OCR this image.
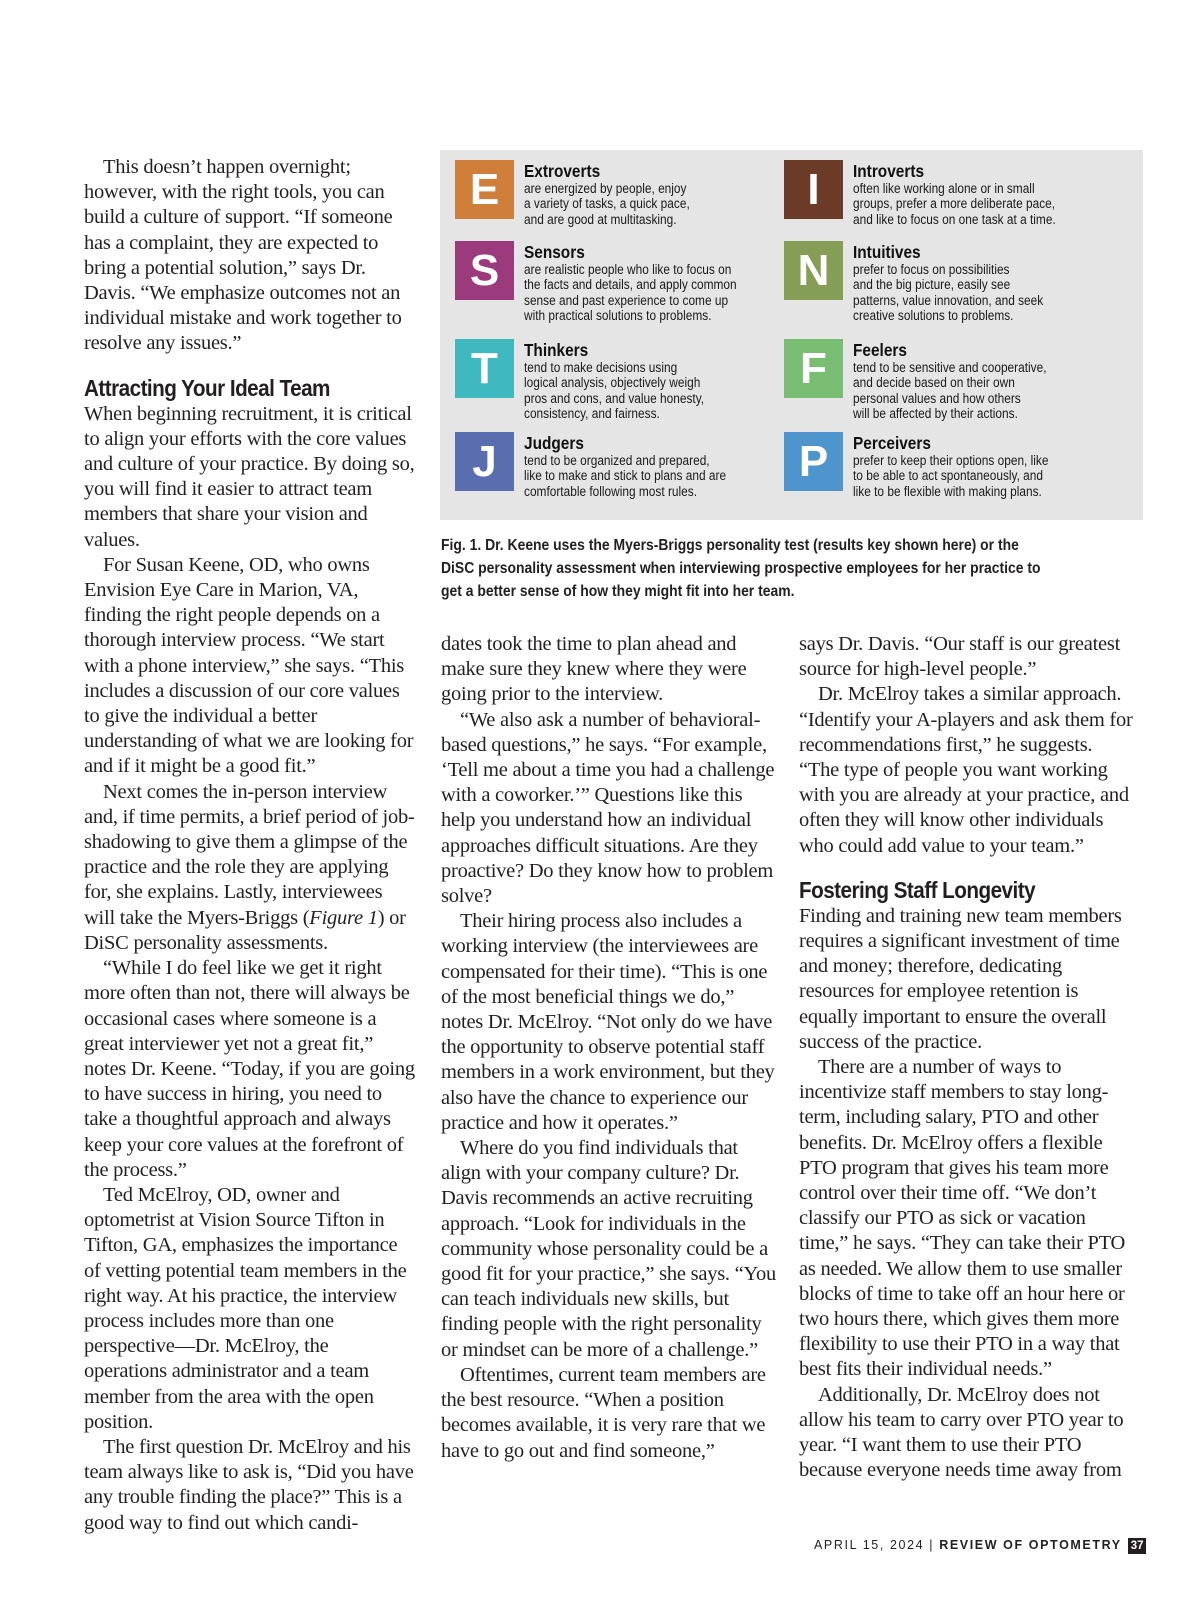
This doesn’t happen overnight; however, with the right tools, you can build a culture of support. “If someone has a complaint, they are expected to bring a potential solution,” says Dr. Davis. “We emphasize outcomes not an individual mistake and work together to resolve any issues.”

Attracting Your Ideal Team

When beginning recruitment, it is critical to align your efforts with the core values and culture of your practice. By doing so, you will find it easier to attract team members that share your vision and values.

For Susan Keene, OD, who owns Envision Eye Care in Marion, VA, finding the right people depends on a thorough interview process. “We start with a phone interview,” she says. “This includes a discussion of our core values to give the individual a better understanding of what we are looking for and if it might be a good fit.”

Next comes the in-person interview and, if time permits, a brief period of job-shadowing to give them a glimpse of the practice and the role they are applying for, she explains. Lastly, interviewees will take the Myers-Briggs (Figure 1) or DiSC personality assessments.

“While I do feel like we get it right more often than not, there will always be occasional cases where someone is a great interviewer yet not a great fit,” notes Dr. Keene. “Today, if you are going to have success in hiring, you need to take a thoughtful approach and always keep your core values at the forefront of the process.”

Ted McElroy, OD, owner and optometrist at Vision Source Tifton in Tifton, GA, emphasizes the importance of vetting potential team members in the right way. At his practice, the interview process includes more than one perspective—Dr. McElroy, the operations administrator and a team member from the area with the open position.

The first question Dr. McElroy and his team always like to ask is, “Did you have any trouble finding the place?” This is a good way to find out which candi-

E	Extroverts
are energized by people, enjoy
a variety of tasks, a quick pace,
and are good at multitasking.
I	Introverts
often like working alone or in small
groups, prefer a more deliberate pace,
and like to focus on one task at a time.
S	Sensors
are realistic people who like to focus on
the facts and details, and apply common
sense and past experience to come up
with practical solutions to problems.
N	Intuitives
prefer to focus on possibilities
and the big picture, easily see
patterns, value innovation, and seek
creative solutions to problems.
T	Thinkers
tend to make decisions using
logical analysis, objectively weigh
pros and cons, and value honesty,
consistency, and fairness.
F	Feelers
tend to be sensitive and cooperative,
and decide based on their own
personal values and how others
will be affected by their actions.
J	Judgers
tend to be organized and prepared,
like to make and stick to plans and are
comfortable following most rules.
P	Perceivers
prefer to keep their options open, like
to be able to act spontaneously, and
like to be flexible with making plans.
Fig. 1. Dr. Keene uses the Myers-Briggs personality test (results key shown here) or the
DiSC personality assessment when interviewing prospective employees for her practice to
get a better sense of how they might fit into her team.

dates took the time to plan ahead and make sure they knew where they were going prior to the interview.

“We also ask a number of behavioral-based questions,” he says. “For example, ‘Tell me about a time you had a challenge with a coworker.’” Questions like this help you understand how an individual approaches difficult situations. Are they proactive? Do they know how to problem solve?

Their hiring process also includes a working interview (the interviewees are compensated for their time). “This is one of the most beneficial things we do,” notes Dr. McElroy. “Not only do we have the opportunity to observe potential staff members in a work environment, but they also have the chance to experience our practice and how it operates.”

Where do you find individuals that align with your company culture? Dr. Davis recommends an active recruiting approach. “Look for individuals in the community whose personality could be a good fit for your practice,” she says. “You can teach individuals new skills, but finding people with the right personality or mindset can be more of a challenge.”

Oftentimes, current team members are the best resource. “When a position becomes available, it is very rare that we have to go out and find someone,”

says Dr. Davis. “Our staff is our greatest source for high-level people.”

Dr. McElroy takes a similar approach. “Identify your A-players and ask them for recommendations first,” he suggests. “The type of people you want working with you are already at your practice, and often they will know other individuals who could add value to your team.”

Fostering Staff Longevity

Finding and training new team members requires a significant investment of time and money; therefore, dedicating resources for employee retention is equally important to ensure the overall success of the practice.

There are a number of ways to incentivize staff members to stay long-term, including salary, PTO and other benefits. Dr. McElroy offers a flexible PTO program that gives his team more control over their time off. “We don’t classify our PTO as sick or vacation time,” he says. “They can take their PTO as needed. We allow them to use smaller blocks of time to take off an hour here or two hours there, which gives them more flexibility to use their PTO in a way that best fits their individual needs.”

Additionally, Dr. McElroy does not allow his team to carry over PTO year to year. “I want them to use their PTO because everyone needs time away from

APRIL 15, 2024 | REVIEW OF OPTOMETRY 37
